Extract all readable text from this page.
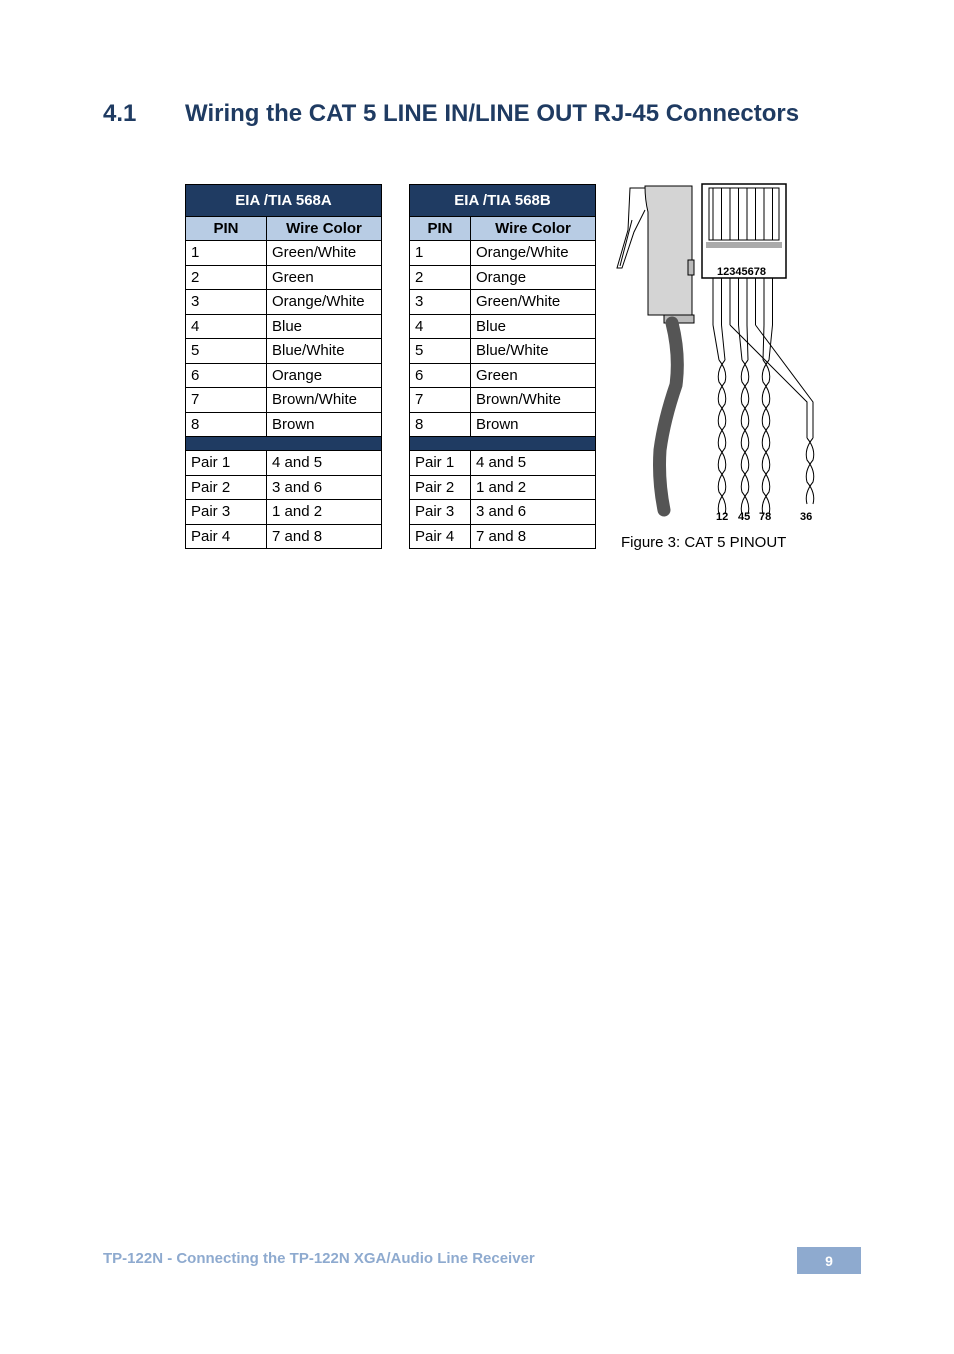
4.1 Wiring the CAT 5 LINE IN/LINE OUT RJ-45 Connectors
EIA /TIA 568A	
PIN	Wire Color
1	Green/White
2	Green
3	Orange/White
4	Blue
5	Blue/White
6	Orange
7	Brown/White
8	Brown

Pair 1	4 and 5
Pair 2	3 and 6
Pair 3	1 and 2
Pair 4	7 and 8
EIA /TIA 568B	
PIN	Wire Color
1	Orange/White
2	Orange
3	Green/White
4	Blue
5	Blue/White
6	Green
7	Brown/White
8	Brown

Pair 1	4 and 5
Pair 2	1 and 2
Pair 3	3 and 6
Pair 4	7 and 8
12345678
12 45 78	36

Figure 3: CAT 5 PINOUT

TP-122N - Connecting the TP-122N XGA/Audio Line Receiver	9
